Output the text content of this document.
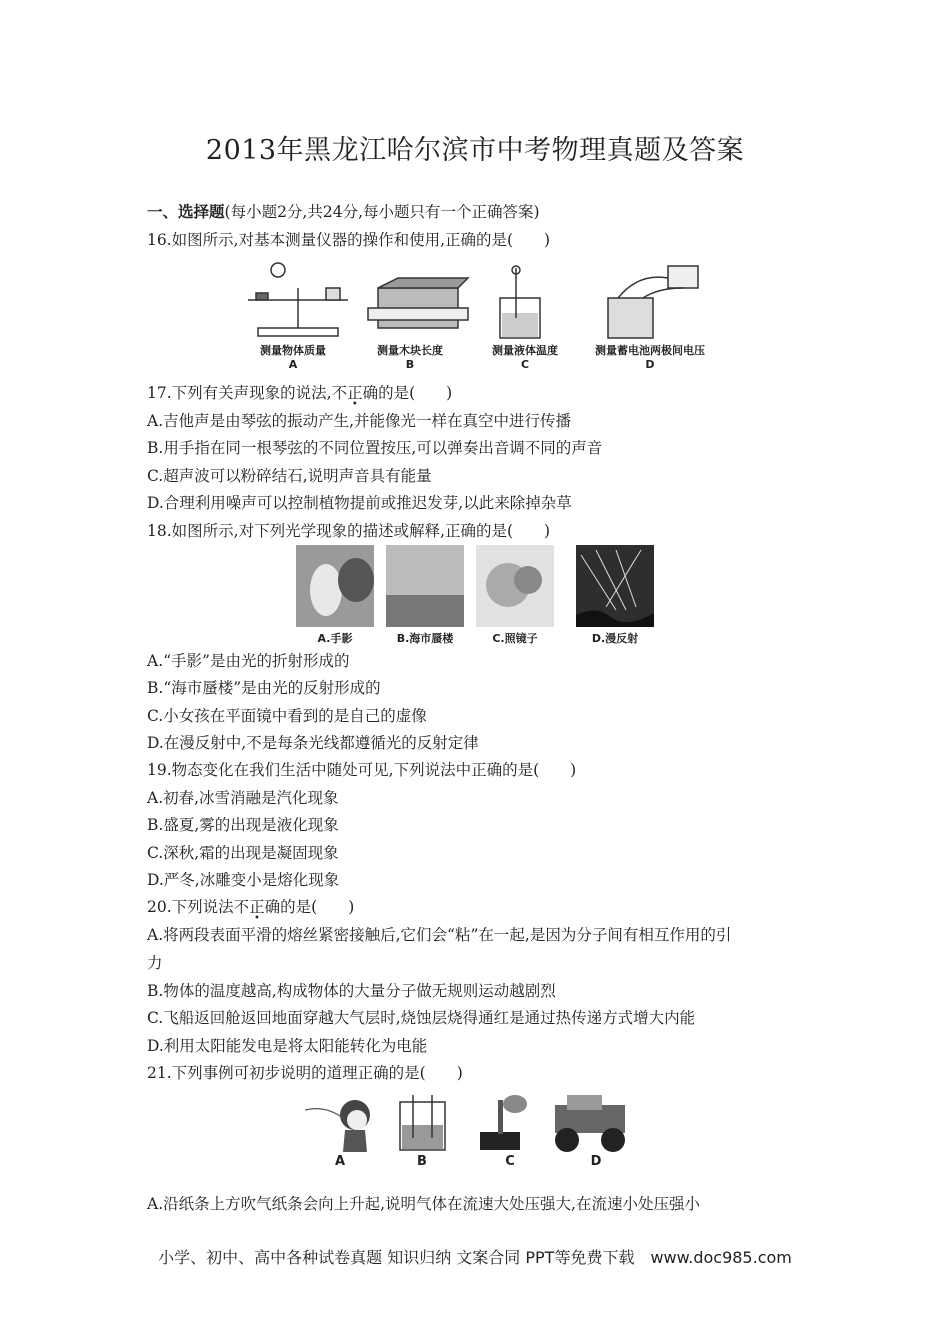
2013年黑龙江哈尔滨市中考物理真题及答案
一、选择题(每小题2分,共24分,每小题只有一个正确答案)
16.如图所示,对基本测量仪器的操作和使用,正确的是(　　)
测量物体质量
A
测量木块长度
B
测量液体温度
C
测量蓄电池两极间电压
D
17.下列有关声现象的说法,不正确的是(　　)
A.吉他声是由琴弦的振动产生,并能像光一样在真空中进行传播
B.用手指在同一根琴弦的不同位置按压,可以弹奏出音调不同的声音
C.超声波可以粉碎结石,说明声音具有能量
D.合理利用噪声可以控制植物提前或推迟发芽,以此来除掉杂草
18.如图所示,对下列光学现象的描述或解释,正确的是(　　)
A.手影	B.海市蜃楼	C.照镜子	D.漫反射
A.“手影”是由光的折射形成的
B.“海市蜃楼”是由光的反射形成的
C.小女孩在平面镜中看到的是自己的虚像
D.在漫反射中,不是每条光线都遵循光的反射定律
19.物态变化在我们生活中随处可见,下列说法中正确的是(　　)
A.初春,冰雪消融是汽化现象
B.盛夏,雾的出现是液化现象
C.深秋,霜的出现是凝固现象
D.严冬,冰雕变小是熔化现象
20.下列说法不正确的是(　　)
A.将两段表面平滑的熔丝紧密接触后,它们会“粘”在一起,是因为分子间有相互作用的引
力
B.物体的温度越高,构成物体的大量分子做无规则运动越剧烈
C.飞船返回舱返回地面穿越大气层时,烧蚀层烧得通红是通过热传递方式增大内能
D.利用太阳能发电是将太阳能转化为电能
21.下列事例可初步说明的道理正确的是(　　)
A	B	C	D
A.沿纸条上方吹气纸条会向上升起,说明气体在流速大处压强大,在流速小处压强小
小学、初中、高中各种试卷真题 知识归纳 文案合同 PPT等免费下载　www.doc985.com
